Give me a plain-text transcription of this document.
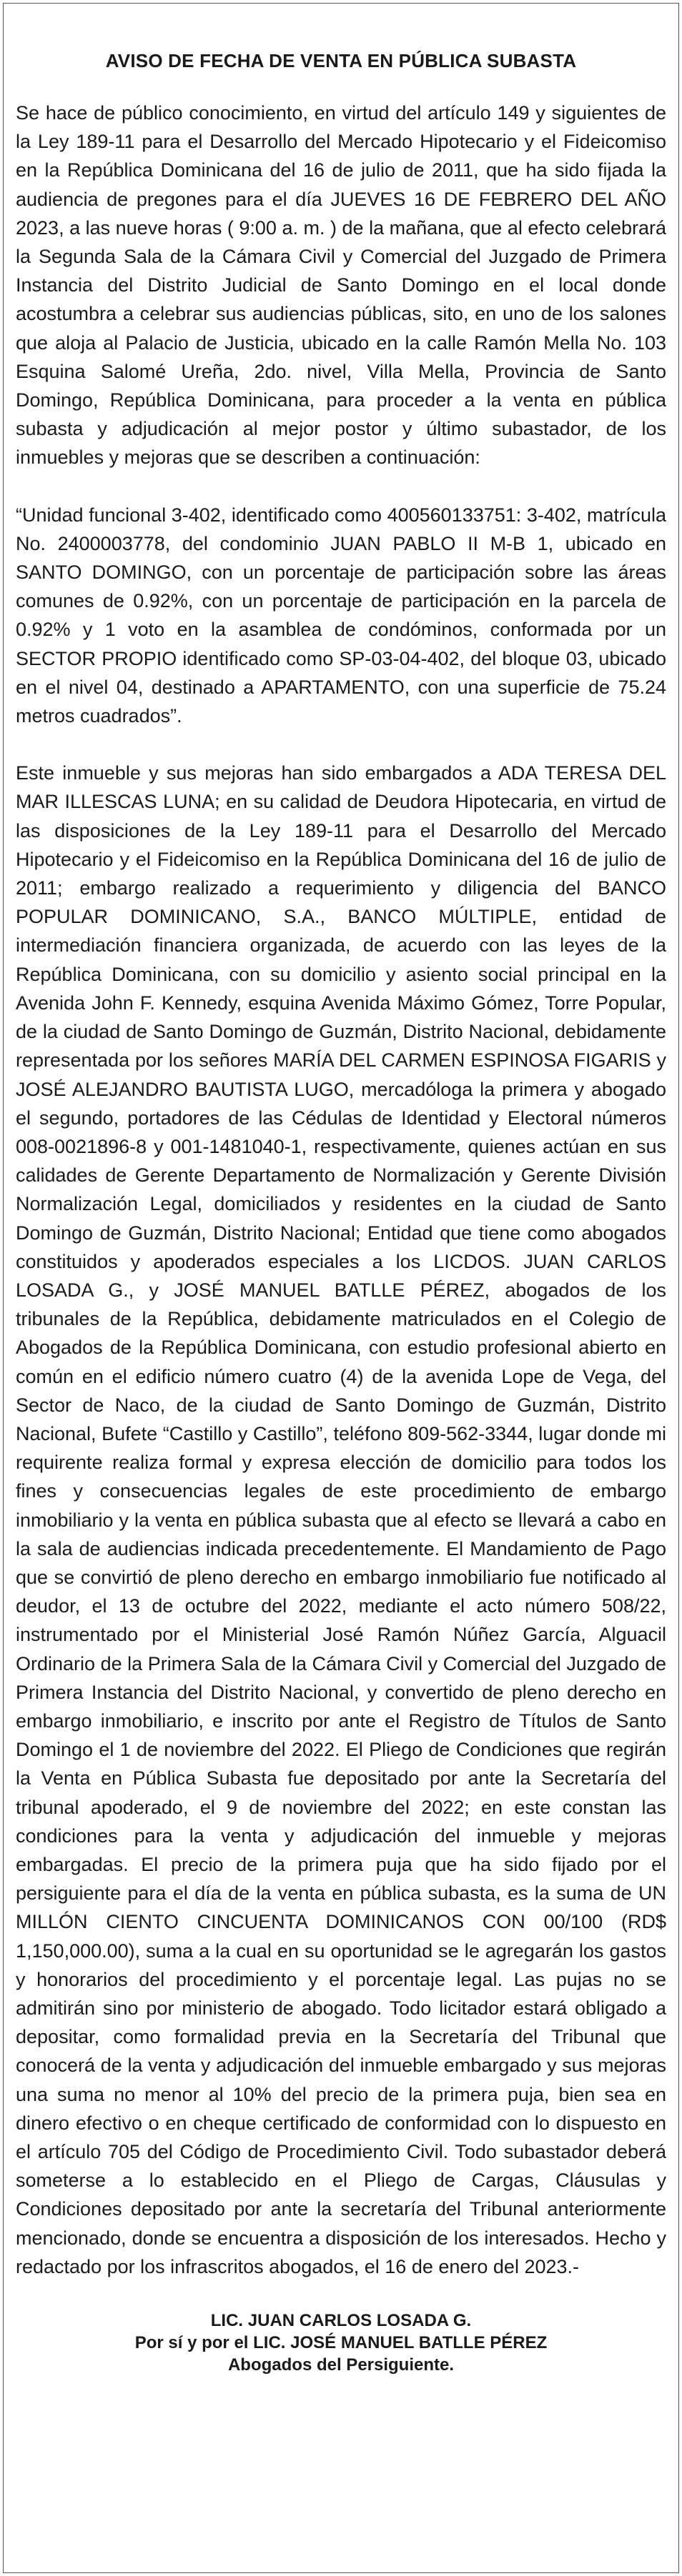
AVISO DE FECHA DE VENTA EN PÚBLICA SUBASTA

Se hace de público conocimiento, en virtud del artículo 149 y siguientes de la Ley 189-11 para el Desarrollo del Mercado Hipotecario y el Fideicomiso en la República Dominicana del 16 de julio de 2011, que ha sido fijada la audiencia de pregones para el día JUEVES 16 DE FEBRERO DEL AÑO 2023, a las nueve horas ( 9:00 a. m. ) de la mañana, que al efecto celebrará la Segunda Sala de la Cámara Civil y Comercial del Juzgado de Primera Instancia del Distrito Judicial de Santo Domingo en el local donde acostumbra a celebrar sus audiencias públicas, sito, en uno de los salones que aloja al Palacio de Justicia, ubicado en la calle Ramón Mella No. 103 Esquina Salomé Ureña, 2do. nivel, Villa Mella, Provincia de Santo Domingo, República Dominicana, para proceder a la venta en pública subasta y adjudicación al mejor postor y último subastador, de los inmuebles y mejoras que se describen a continuación:

“Unidad funcional 3-402, identificado como 400560133751: 3-402, matrícula No. 2400003778, del condominio JUAN PABLO II M-B 1, ubicado en SANTO DOMINGO, con un porcentaje de participación sobre las áreas comunes de 0.92%, con un porcentaje de participación en la parcela de 0.92% y 1 voto en la asamblea de condóminos, conformada por un SECTOR PROPIO identificado como SP-03-04-402, del bloque 03, ubicado en el nivel 04, destinado a APARTAMENTO, con una superficie de 75.24 metros cuadrados”.

Este inmueble y sus mejoras han sido embargados a ADA TERESA DEL MAR ILLESCAS LUNA; en su calidad de Deudora Hipotecaria, en virtud de las disposiciones de la Ley 189-11 para el Desarrollo del Mercado Hipotecario y el Fideicomiso en la República Dominicana del 16 de julio de 2011; embargo realizado a requerimiento y diligencia del BANCO POPULAR DOMINICANO, S.A., BANCO MÚLTIPLE, entidad de intermediación financiera organizada, de acuerdo con las leyes de la República Dominicana, con su domicilio y asiento social principal en la Avenida John F. Kennedy, esquina Avenida Máximo Gómez, Torre Popular, de la ciudad de Santo Domingo de Guzmán, Distrito Nacional, debidamente representada por los señores MARÍA DEL CARMEN ESPINOSA FIGARIS y JOSÉ ALEJANDRO BAUTISTA LUGO, mercadóloga la primera y abogado el segundo, portadores de las Cédulas de Identidad y Electoral números 008-0021896-8 y 001-1481040-1, respectivamente, quienes actúan en sus calidades de Gerente Departamento de Normalización y Gerente División Normalización Legal, domiciliados y residentes en la ciudad de Santo Domingo de Guzmán, Distrito Nacional; Entidad que tiene como abogados constituidos y apoderados especiales a los LICDOS. JUAN CARLOS LOSADA G., y JOSÉ MANUEL BATLLE PÉREZ, abogados de los tribunales de la República, debidamente matriculados en el Colegio de Abogados de la República Dominicana, con estudio profesional abierto en común en el edificio número cuatro (4) de la avenida Lope de Vega, del Sector de Naco, de la ciudad de Santo Domingo de Guzmán, Distrito Nacional, Bufete “Castillo y Castillo”, teléfono 809-562-3344, lugar donde mi requirente realiza formal y expresa elección de domicilio para todos los fines y consecuencias legales de este procedimiento de embargo inmobiliario y la venta en pública subasta que al efecto se llevará a cabo en la sala de audiencias indicada precedentemente. El Mandamiento de Pago que se convirtió de pleno derecho en embargo inmobiliario fue notificado al deudor, el 13 de octubre del 2022, mediante el acto número 508/22, instrumentado por el Ministerial José Ramón Núñez García, Alguacil Ordinario de la Primera Sala de la Cámara Civil y Comercial del Juzgado de Primera Instancia del Distrito Nacional, y convertido de pleno derecho en embargo inmobiliario, e inscrito por ante el Registro de Títulos de Santo Domingo el 1 de noviembre del 2022. El Pliego de Condiciones que regirán la Venta en Pública Subasta fue depositado por ante la Secretaría del tribunal apoderado, el 9 de noviembre del 2022; en este constan las condiciones para la venta y adjudicación del inmueble y mejoras embargadas. El precio de la primera puja que ha sido fijado por el persiguiente para el día de la venta en pública subasta, es la suma de UN MILLÓN CIENTO CINCUENTA DOMINICANOS CON 00/100 (RD$ 1,150,000.00), suma a la cual en su oportunidad se le agregarán los gastos y honorarios del procedimiento y el porcentaje legal. Las pujas no se admitirán sino por ministerio de abogado. Todo licitador estará obligado a depositar, como formalidad previa en la Secretaría del Tribunal que conocerá de la venta y adjudicación del inmueble embargado y sus mejoras una suma no menor al 10% del precio de la primera puja, bien sea en dinero efectivo o en cheque certificado de conformidad con lo dispuesto en el artículo 705 del Código de Procedimiento Civil. Todo subastador deberá someterse a lo establecido en el Pliego de Cargas, Cláusulas y Condiciones depositado por ante la secretaría del Tribunal anteriormente mencionado, donde se encuentra a disposición de los interesados. Hecho y redactado por los infrascritos abogados, el 16 de enero del 2023.-

LIC. JUAN CARLOS LOSADA G.
Por sí y por el LIC. JOSÉ MANUEL BATLLE PÉREZ
Abogados del Persiguiente.
